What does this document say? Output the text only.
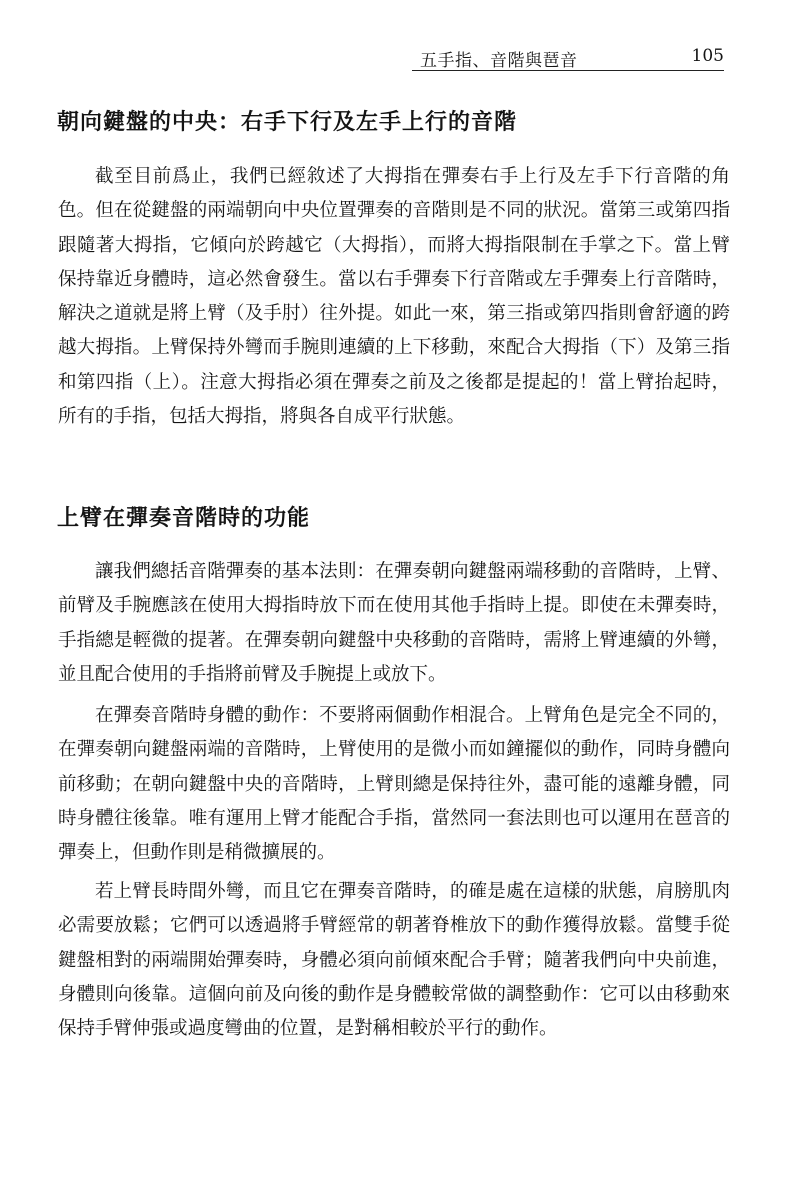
五手指、音階與琶音	105
朝向鍵盤的中央：右手下行及左手上行的音階

截至目前爲止，我們已經敘述了大拇指在彈奏右手上行及左手下行音階的角色。但在從鍵盤的兩端朝向中央位置彈奏的音階則是不同的狀況。當第三或第四指跟隨著大拇指，它傾向於跨越它（大拇指），而將大拇指限制在手掌之下。當上臂保持靠近身體時，這必然會發生。當以右手彈奏下行音階或左手彈奏上行音階時，解決之道就是將上臂（及手肘）往外提。如此一來，第三指或第四指則會舒適的跨越大拇指。上臂保持外彎而手腕則連續的上下移動，來配合大拇指（下）及第三指和第四指（上）。注意大拇指必須在彈奏之前及之後都是提起的！當上臂抬起時，所有的手指，包括大拇指，將與各自成平行狀態。

上臂在彈奏音階時的功能

讓我們總括音階彈奏的基本法則：在彈奏朝向鍵盤兩端移動的音階時，上臂、前臂及手腕應該在使用大拇指時放下而在使用其他手指時上提。即使在未彈奏時，手指總是輕微的提著。在彈奏朝向鍵盤中央移動的音階時，需將上臂連續的外彎，並且配合使用的手指將前臂及手腕提上或放下。

在彈奏音階時身體的動作：不要將兩個動作相混合。上臂角色是完全不同的，在彈奏朝向鍵盤兩端的音階時，上臂使用的是微小而如鐘擺似的動作，同時身體向前移動；在朝向鍵盤中央的音階時，上臂則總是保持往外，盡可能的遠離身體，同時身體往後靠。唯有運用上臂才能配合手指，當然同一套法則也可以運用在琶音的彈奏上，但動作則是稍微擴展的。

若上臂長時間外彎，而且它在彈奏音階時，的確是處在這樣的狀態，肩膀肌肉必需要放鬆；它們可以透過將手臂經常的朝著脊椎放下的動作獲得放鬆。當雙手從鍵盤相對的兩端開始彈奏時，身體必須向前傾來配合手臂；隨著我們向中央前進，身體則向後靠。這個向前及向後的動作是身體較常做的調整動作：它可以由移動來保持手臂伸張或過度彎曲的位置，是對稱相較於平行的動作。
